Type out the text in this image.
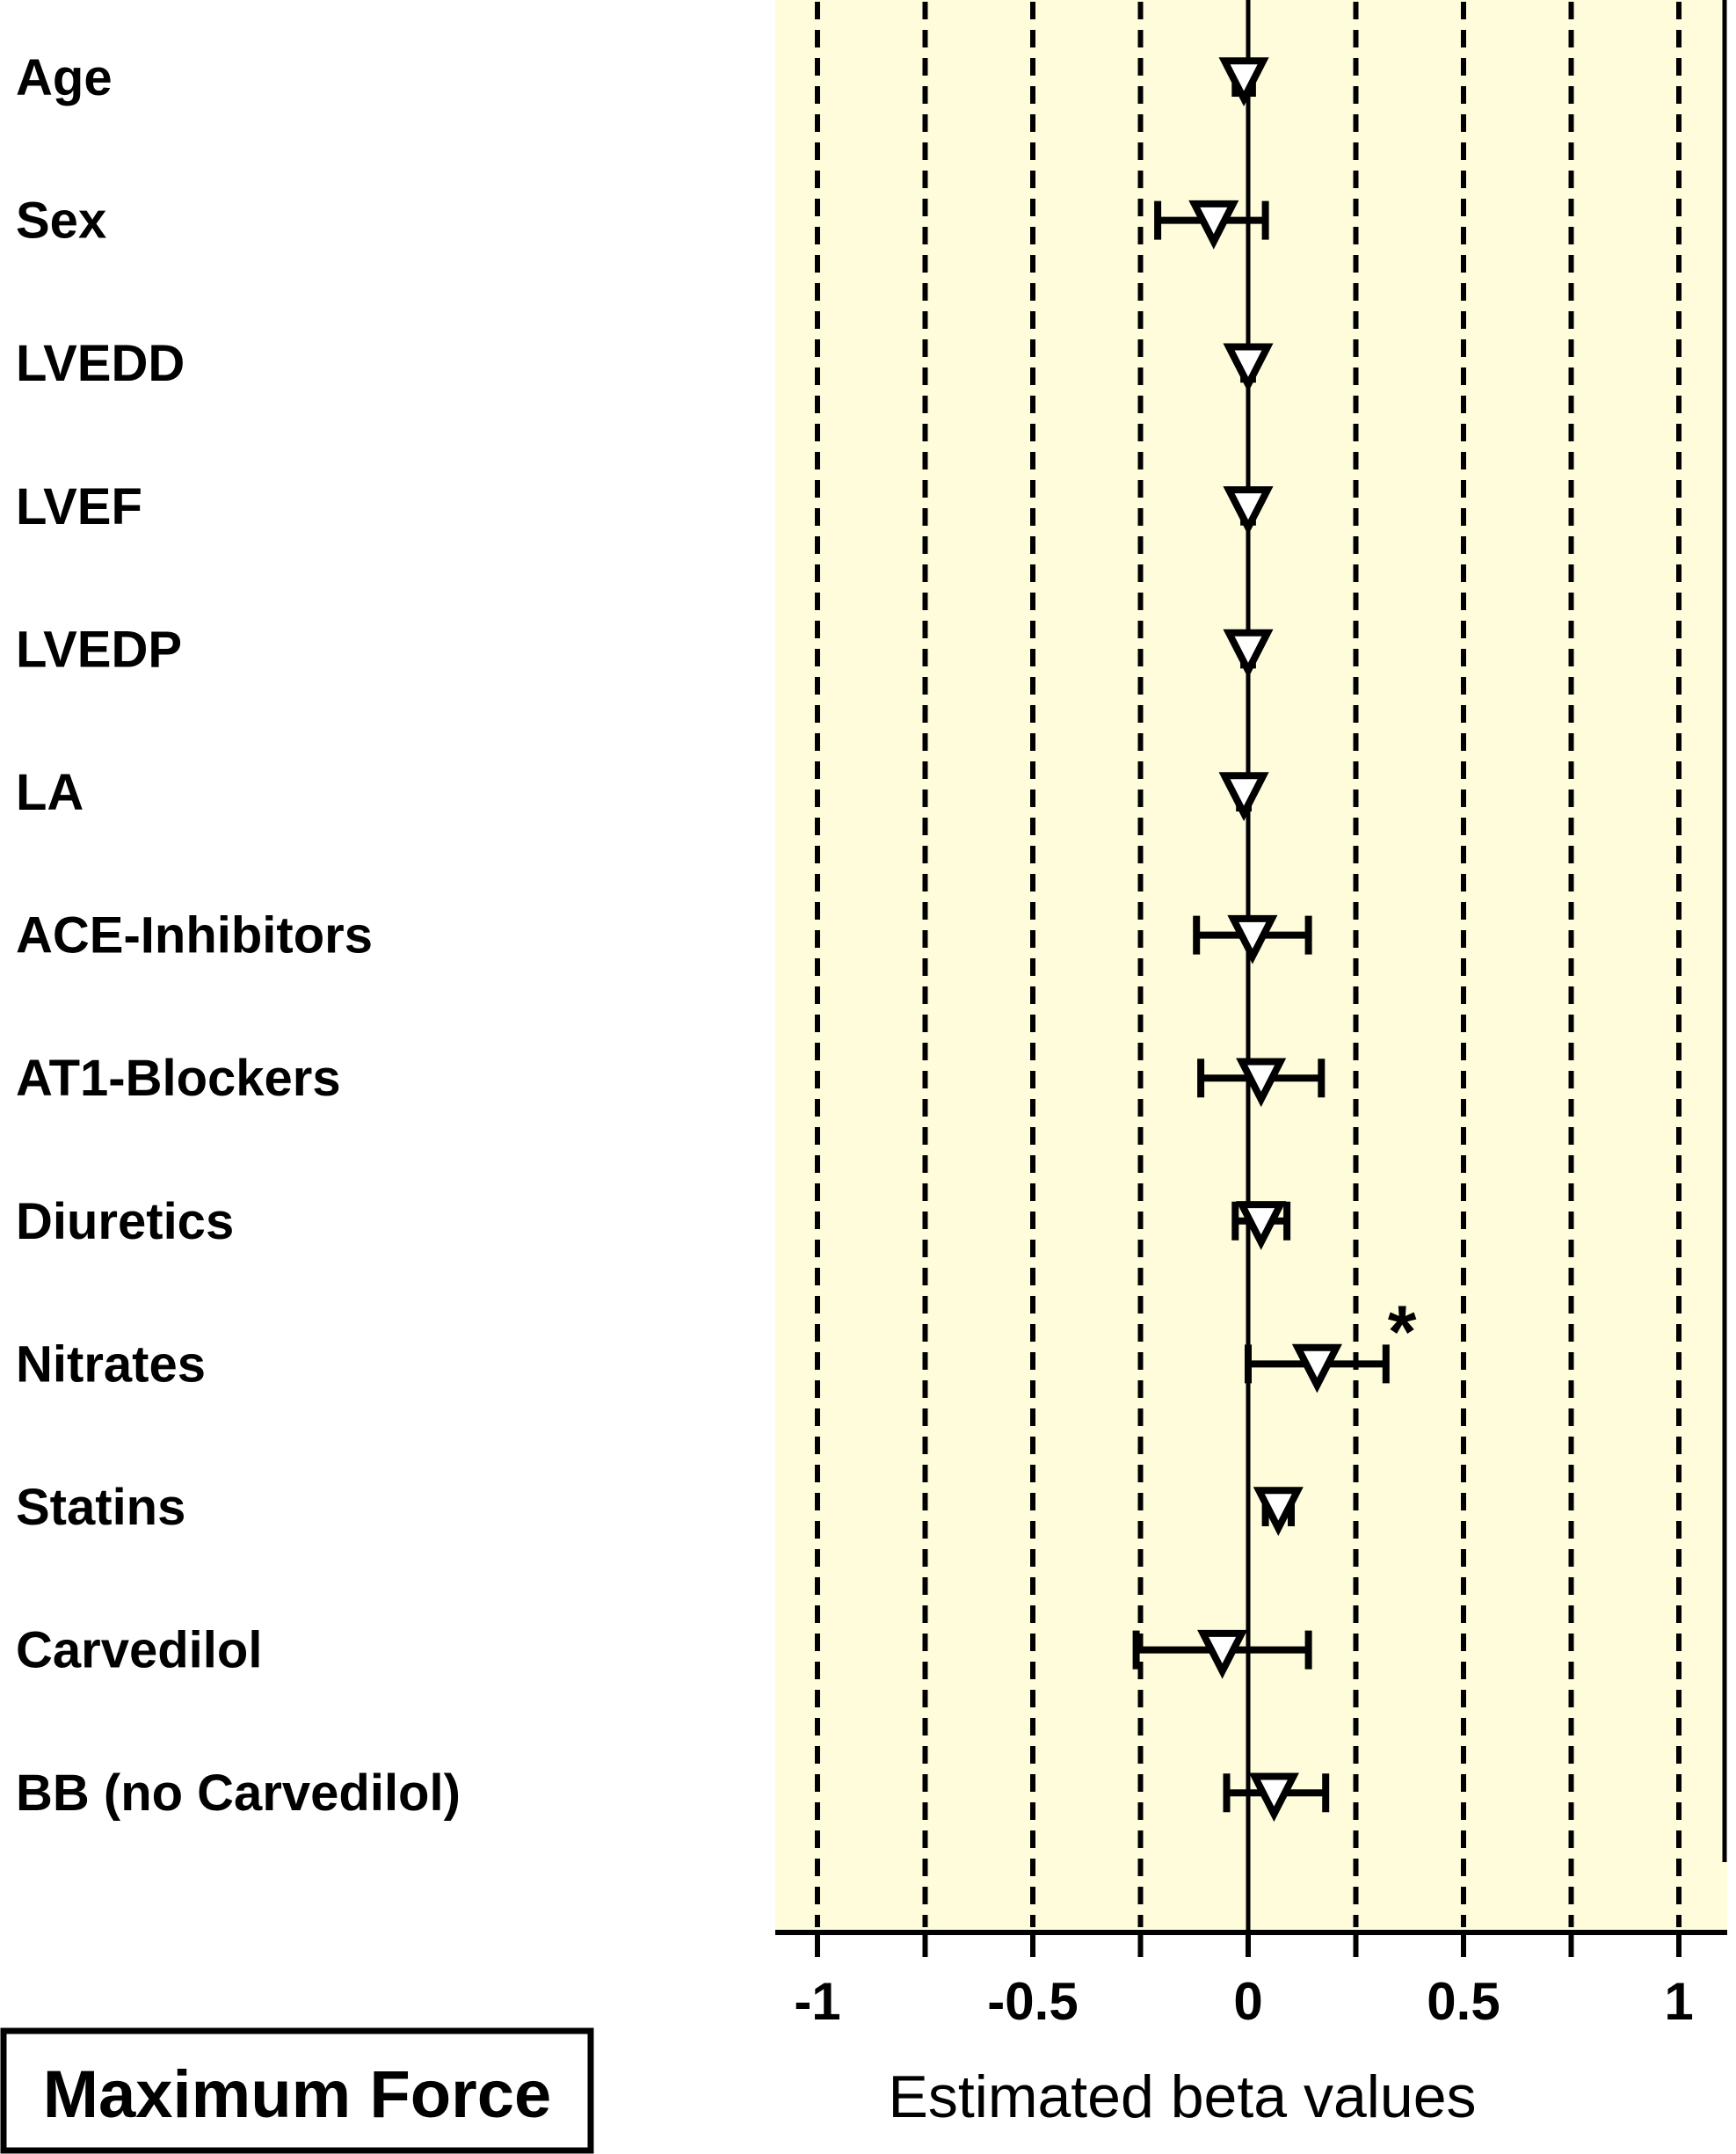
Age
Sex
LVEDD
LVEF
LVEDP
LA
ACE-Inhibitors
AT1-Blockers
Diuretics
Nitrates	*
Statins
Carvedilol
BB (no Carvedilol)
-1	-0.5	0	0.5	1
Estimated beta values
Maximum Force
